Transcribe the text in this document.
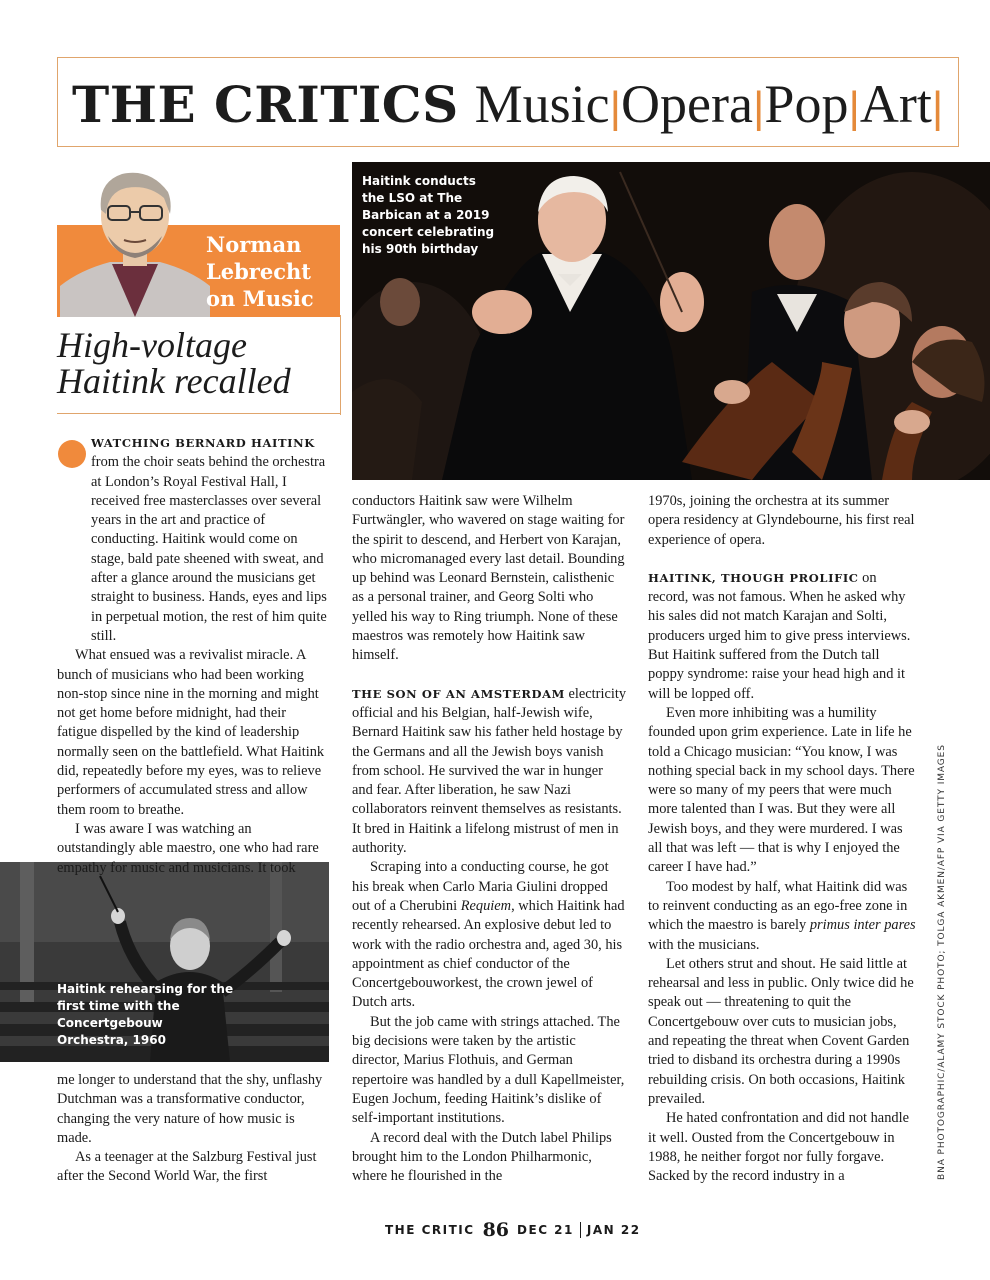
THE CRITICS Music|Opera|Pop|Art|
Norman
Lebrecht
on Music
High-voltage
Haitink recalled
Haitink conducts the LSO at The Barbican at a 2019 concert celebrating his 90th birthday
Haitink rehearsing for the first time with the Concertgebouw Orchestra, 1960

WATCHING BERNARD HAITINK from the choir seats behind the orchestra at London’s Royal Festival Hall, I received free masterclasses over several years in the art and practice of conducting. Haitink would come on stage, bald pate sheened with sweat, and after a glance around the musicians get straight to business. Hands, eyes and lips in perpetual motion, the rest of him quite still.

What ensued was a revivalist miracle. A bunch of musicians who had been working non-stop since nine in the morning and might not get home before midnight, had their fatigue dispelled by the kind of leadership normally seen on the battlefield. What Haitink did, repeatedly before my eyes, was to relieve performers of accumulated stress and allow them room to breathe.

I was aware I was watching an outstandingly able maestro, one who had rare empathy for music and musicians. It took

me longer to understand that the shy, unflashy Dutchman was a transformative conductor, changing the very nature of how music is made.

As a teenager at the Salzburg Festival just after the Second World War, the first

conductors Haitink saw were Wilhelm Furtwängler, who wavered on stage waiting for the spirit to descend, and Herbert von Karajan, who micromanaged every last detail. Bounding up behind was Leonard Bernstein, calisthenic as a personal trainer, and Georg Solti who yelled his way to Ring triumph. None of these maestros was remotely how Haitink saw himself.

THE SON OF AN AMSTERDAM electricity official and his Belgian, half-Jewish wife, Bernard Haitink saw his father held hostage by the Germans and all the Jewish boys vanish from school. He survived the war in hunger and fear. After liberation, he saw Nazi collaborators reinvent themselves as resistants. It bred in Haitink a lifelong mistrust of men in authority.

Scraping into a conducting course, he got his break when Carlo Maria Giulini dropped out of a Cherubini Requiem, which Haitink had recently rehearsed. An explosive debut led to work with the radio orchestra and, aged 30, his appointment as chief conductor of the Concertgebouworkest, the crown jewel of Dutch arts.

But the job came with strings attached. The big decisions were taken by the artistic director, Marius Flothuis, and German repertoire was handled by a dull Kapellmeister, Eugen Jochum, feeding Haitink’s dislike of self-important institutions.

A record deal with the Dutch label Philips brought him to the London Philharmonic, where he flourished in the

1970s, joining the orchestra at its summer opera residency at Glyndebourne, his first real experience of opera.

HAITINK, THOUGH PROLIFIC on record, was not famous. When he asked why his sales did not match Karajan and Solti, producers urged him to give press interviews. But Haitink suffered from the Dutch tall poppy syndrome: raise your head high and it will be lopped off.

Even more inhibiting was a humility founded upon grim experience. Late in life he told a Chicago musician: “You know, I was nothing special back in my school days. There were so many of my peers that were much more talented than I was. But they were all Jewish boys, and they were murdered. I was all that was left — that is why I enjoyed the career I have had.”

Too modest by half, what Haitink did was to reinvent conducting as an ego-free zone in which the maestro is barely primus inter pares with the musicians.

Let others strut and shout. He said little at rehearsal and less in public. Only twice did he speak out — threatening to quit the Concertgebouw over cuts to musician jobs, and repeating the threat when Covent Garden tried to disband its orchestra during a 1990s rebuilding crisis. On both occasions, Haitink prevailed.

He hated confrontation and did not handle it well. Ousted from the Concertgebouw in 1988, he neither forgot nor fully forgave. Sacked by the record industry in a	BNA PHOTOGRAPHIC/ALAMY STOCK PHOTO; TOLGA AKMEN/AFP VIA GETTY IMAGES
THE CRITIC 86 DEC 21 JAN 22
